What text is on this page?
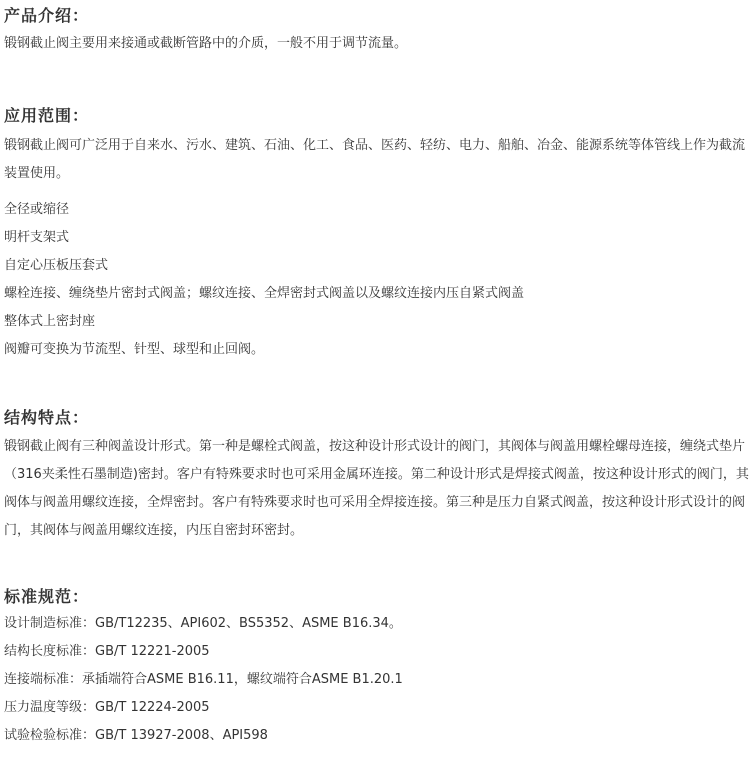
产品介绍：

锻钢截止阀主要用来接通或截断管路中的介质，一般不用于调节流量。

应用范围：

锻钢截止阀可广泛用于自来水、污水、建筑、石油、化工、食品、医药、轻纺、电力、船舶、冶金、能源系统等体管线上作为截流装置使用。

全径或缩径

明杆支架式

自定心压板压套式

螺栓连接、缠绕垫片密封式阀盖；螺纹连接、全焊密封式阀盖以及螺纹连接内压自紧式阀盖

整体式上密封座

阀瓣可变换为节流型、针型、球型和止回阀。

结构特点：

锻钢截止阀有三种阀盖设计形式。第一种是螺栓式阀盖，按这种设计形式设计的阀门，其阀体与阀盖用螺栓螺母连接，缠绕式垫片（316夹柔性石墨制造)密封。客户有特殊要求时也可采用金属环连接。第二种设计形式是焊接式阀盖，按这种设计形式的阀门，其阀体与阀盖用螺纹连接，全焊密封。客户有特殊要求时也可采用全焊接连接。第三种是压力自紧式阀盖，按这种设计形式设计的阀门，其阀体与阀盖用螺纹连接，内压自密封环密封。

标准规范：

设计制造标准：GB/T12235、API602、BS5352、ASME B16.34。

结构长度标准：GB/T 12221-2005

连接端标准：承插端符合ASME B16.11，螺纹端符合ASME B1.20.1

压力温度等级：GB/T 12224-2005

试验检验标准：GB/T 13927-2008、API598
